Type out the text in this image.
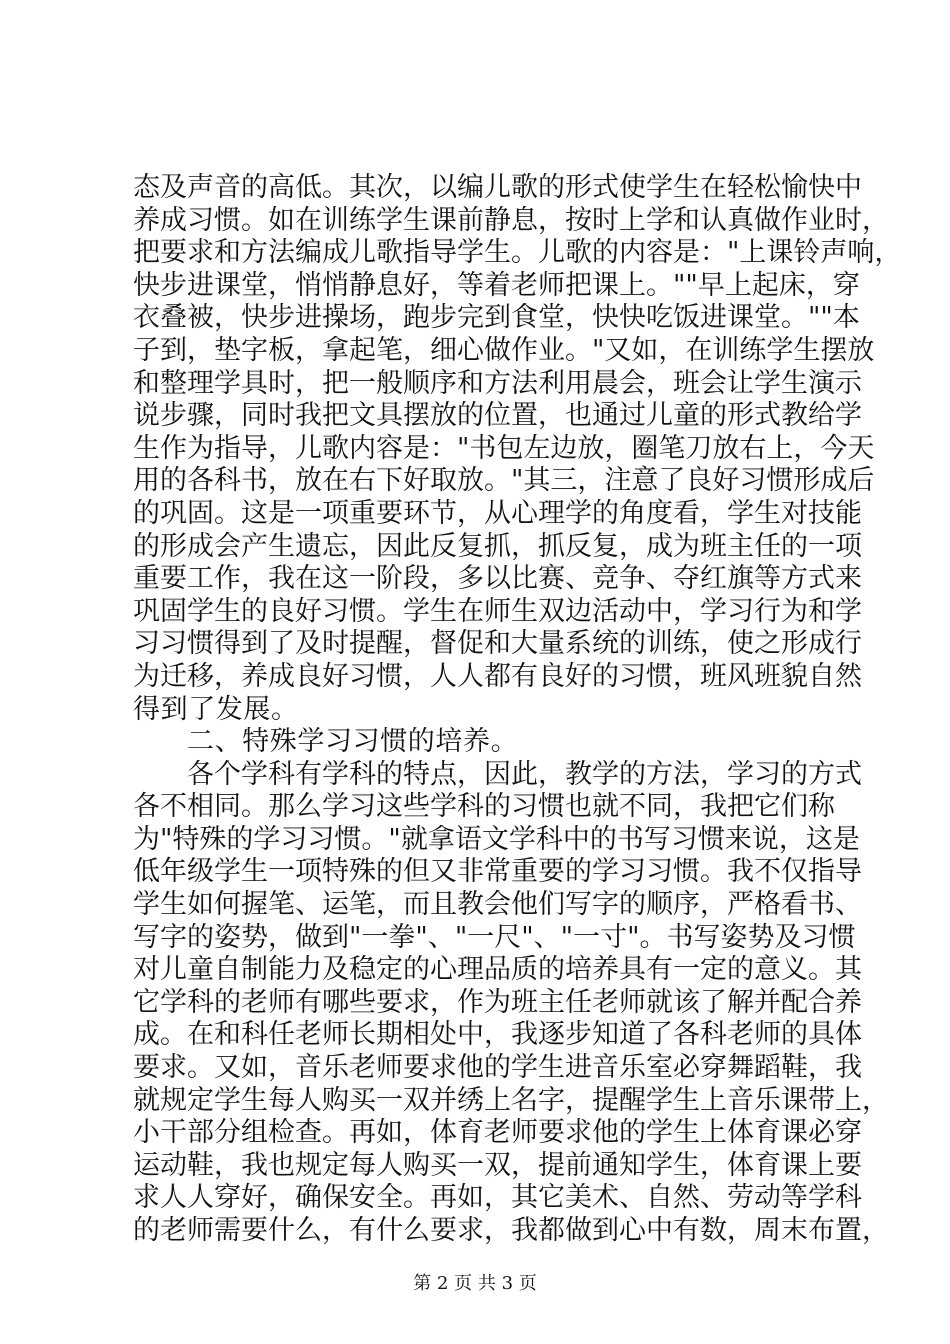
态及声音的高低。其次，以编儿歌的形式使学生在轻松愉快中
养成习惯。如在训练学生课前静息，按时上学和认真做作业时，
把要求和方法编成儿歌指导学生。儿歌的内容是："上课铃声响，
快步进课堂，悄悄静息好，等着老师把课上。""早上起床，穿
衣叠被，快步进操场，跑步完到食堂，快快吃饭进课堂。""本
子到，垫字板，拿起笔，细心做作业。"又如，在训练学生摆放
和整理学具时，把一般顺序和方法利用晨会，班会让学生演示
说步骤，同时我把文具摆放的位置，也通过儿童的形式教给学
生作为指导，儿歌内容是："书包左边放，圈笔刀放右上，今天
用的各科书，放在右下好取放。"其三，注意了良好习惯形成后
的巩固。这是一项重要环节，从心理学的角度看，学生对技能
的形成会产生遗忘，因此反复抓，抓反复，成为班主任的一项
重要工作，我在这一阶段，多以比赛、竞争、夺红旗等方式来
巩固学生的良好习惯。学生在师生双边活动中，学习行为和学
习习惯得到了及时提醒，督促和大量系统的训练，使之形成行
为迁移，养成良好习惯，人人都有良好的习惯，班风班貌自然
得到了发展。
二、特殊学习习惯的培养。
各个学科有学科的特点，因此，教学的方法，学习的方式
各不相同。那么学习这些学科的习惯也就不同，我把它们称
为"特殊的学习习惯。"就拿语文学科中的书写习惯来说，这是
低年级学生一项特殊的但又非常重要的学习习惯。我不仅指导
学生如何握笔、运笔，而且教会他们写字的顺序，严格看书、
写字的姿势，做到"一拳"、"一尺"、"一寸"。书写姿势及习惯
对儿童自制能力及稳定的心理品质的培养具有一定的意义。其
它学科的老师有哪些要求，作为班主任老师就该了解并配合养
成。在和科任老师长期相处中，我逐步知道了各科老师的具体
要求。又如，音乐老师要求他的学生进音乐室必穿舞蹈鞋，我
就规定学生每人购买一双并绣上名字，提醒学生上音乐课带上，
小干部分组检查。再如，体育老师要求他的学生上体育课必穿
运动鞋，我也规定每人购买一双，提前通知学生，体育课上要
求人人穿好，确保安全。再如，其它美术、自然、劳动等学科
的老师需要什么，有什么要求，我都做到心中有数，周末布置，
第 2 页 共 3 页
